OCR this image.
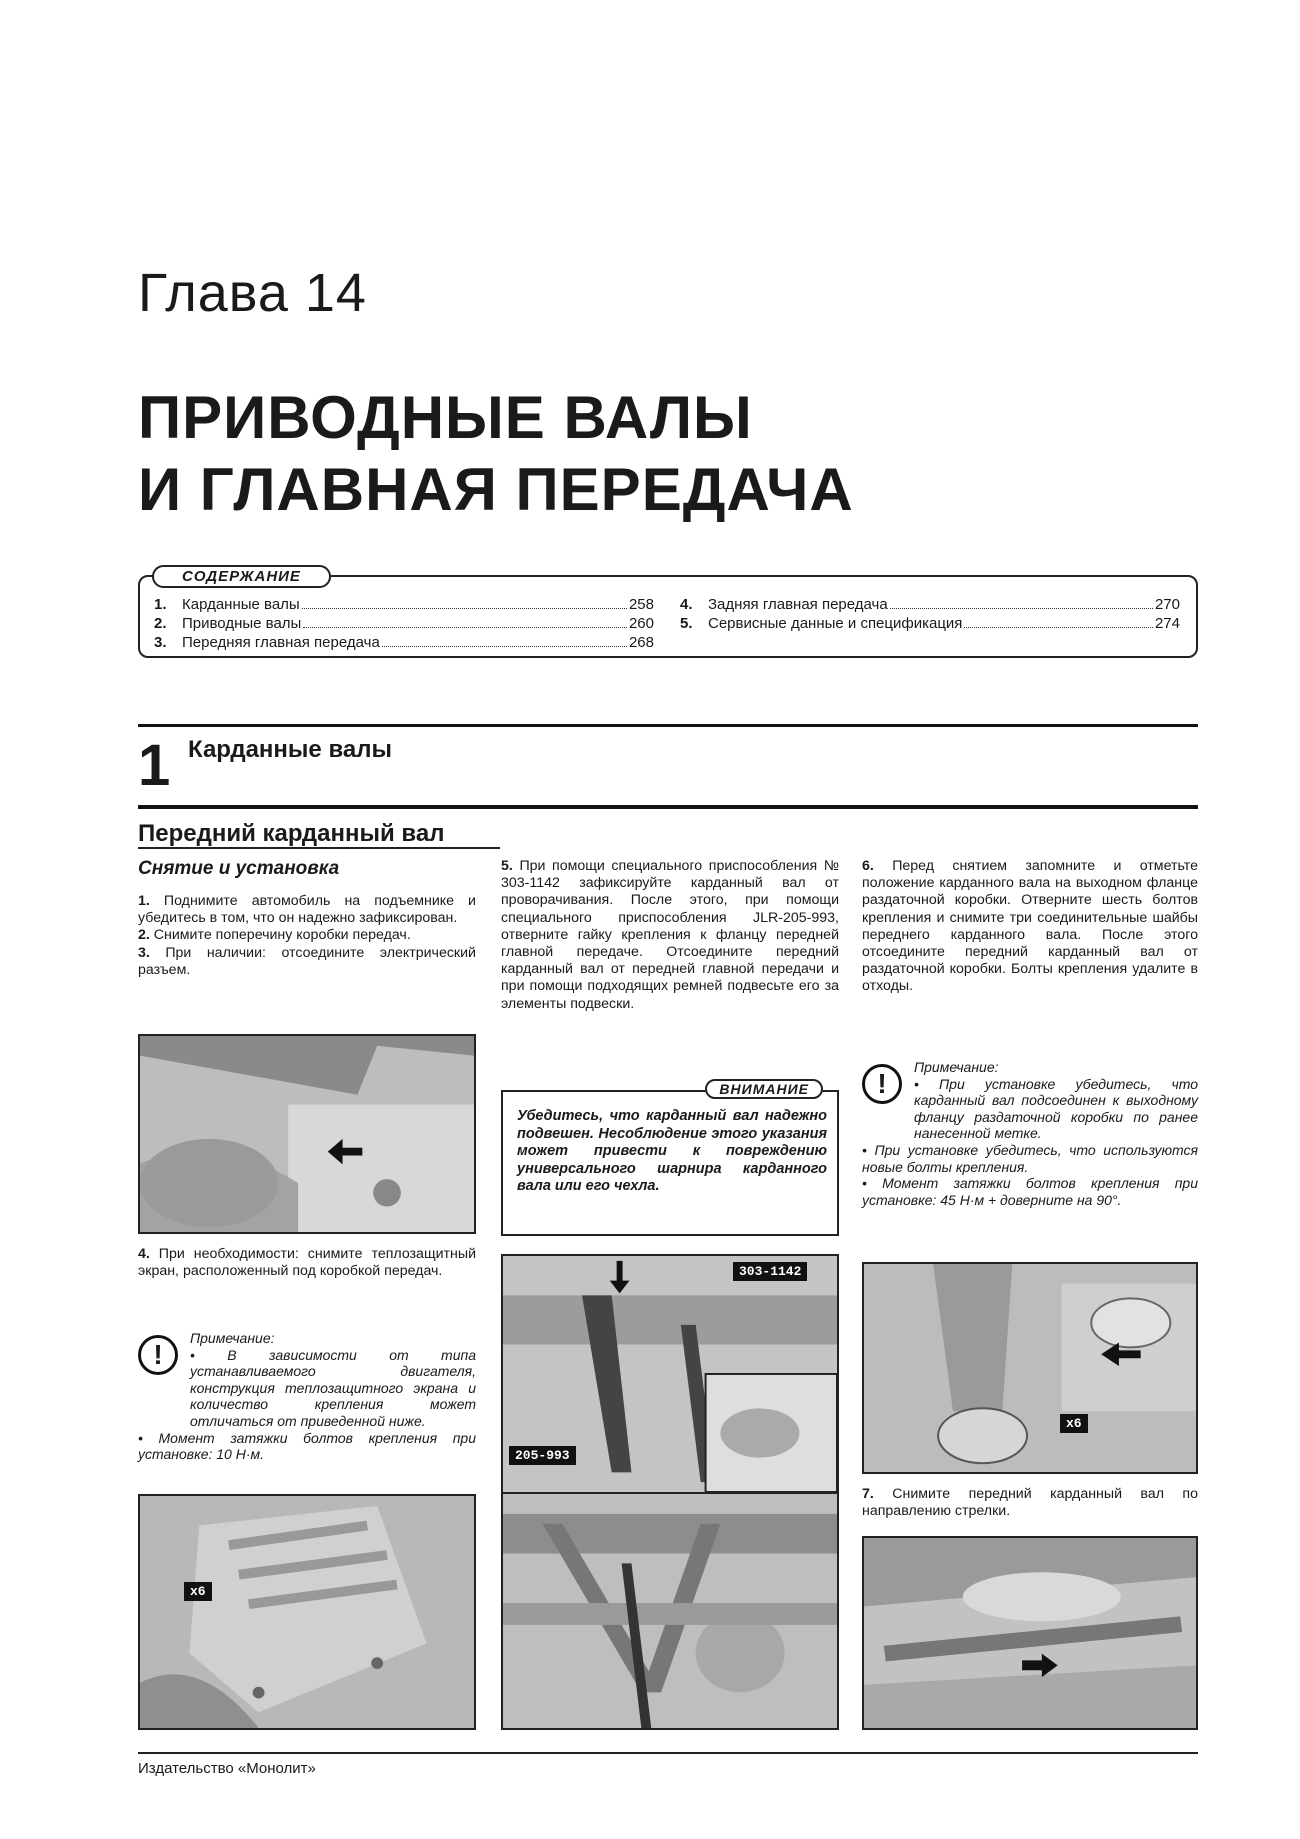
Глава 14
ПРИВОДНЫЕ ВАЛЫ
И ГЛАВНАЯ ПЕРЕДАЧА
СОДЕРЖАНИЕ
1.	Карданные валы	258
2.	Приводные валы	260
3.	Передняя главная передача	268
4.	Задняя главная передача	270
5.	Сервисные данные и спецификация	274
1 Карданные валы
Передний карданный вал
Снятие и установка

1. Поднимите автомобиль на подъемнике и убедитесь в том, что он надежно зафиксирован.

2. Снимите поперечину коробки передач.

3. При наличии: отсоедините электрический разъем.

4. При необходимости: снимите теплозащитный экран, расположенный под коробкой передач.

!
Примечание:

• В зависимости от типа устанавливаемого двигателя, конструкция теплозащитного экрана и количество крепления может отличаться от приведенной ниже.

• Момент затяжки болтов крепления при установке: 10 Н·м.

x6

5. При помощи специального приспособления № 303-1142 зафиксируйте карданный вал от проворачивания. После этого, при помощи специального приспособления JLR-205-993, отверните гайку крепления к фланцу передней главной передаче. Отсоедините передний карданный вал от передней главной передачи и при помощи подходящих ремней подвесьте его за элементы подвески.

ВНИМАНИЕ
Убедитесь, что карданный вал надежно подвешен. Несоблюдение этого указания может привести к повреждению универсального шарнира карданного вала или его чехла.
303-1142
205-993

6. Перед снятием запомните и отметьте положение карданного вала на выходном фланце раздаточной коробки. Отверните шесть болтов крепления и снимите три соединительные шайбы переднего карданного вала. После этого отсоедините передний карданный вал от раздаточной коробки. Болты крепления удалите в отходы.

!
Примечание:

• При установке убедитесь, что карданный вал подсоединен к выходному фланцу раздаточной коробки по ранее нанесенной метке.

• При установке убедитесь, что используются новые болты крепления.

• Момент затяжки болтов крепления при установке: 45 Н·м + доверните на 90°.

x6

7. Снимите передний карданный вал по направлению стрелки.

Издательство «Монолит»
